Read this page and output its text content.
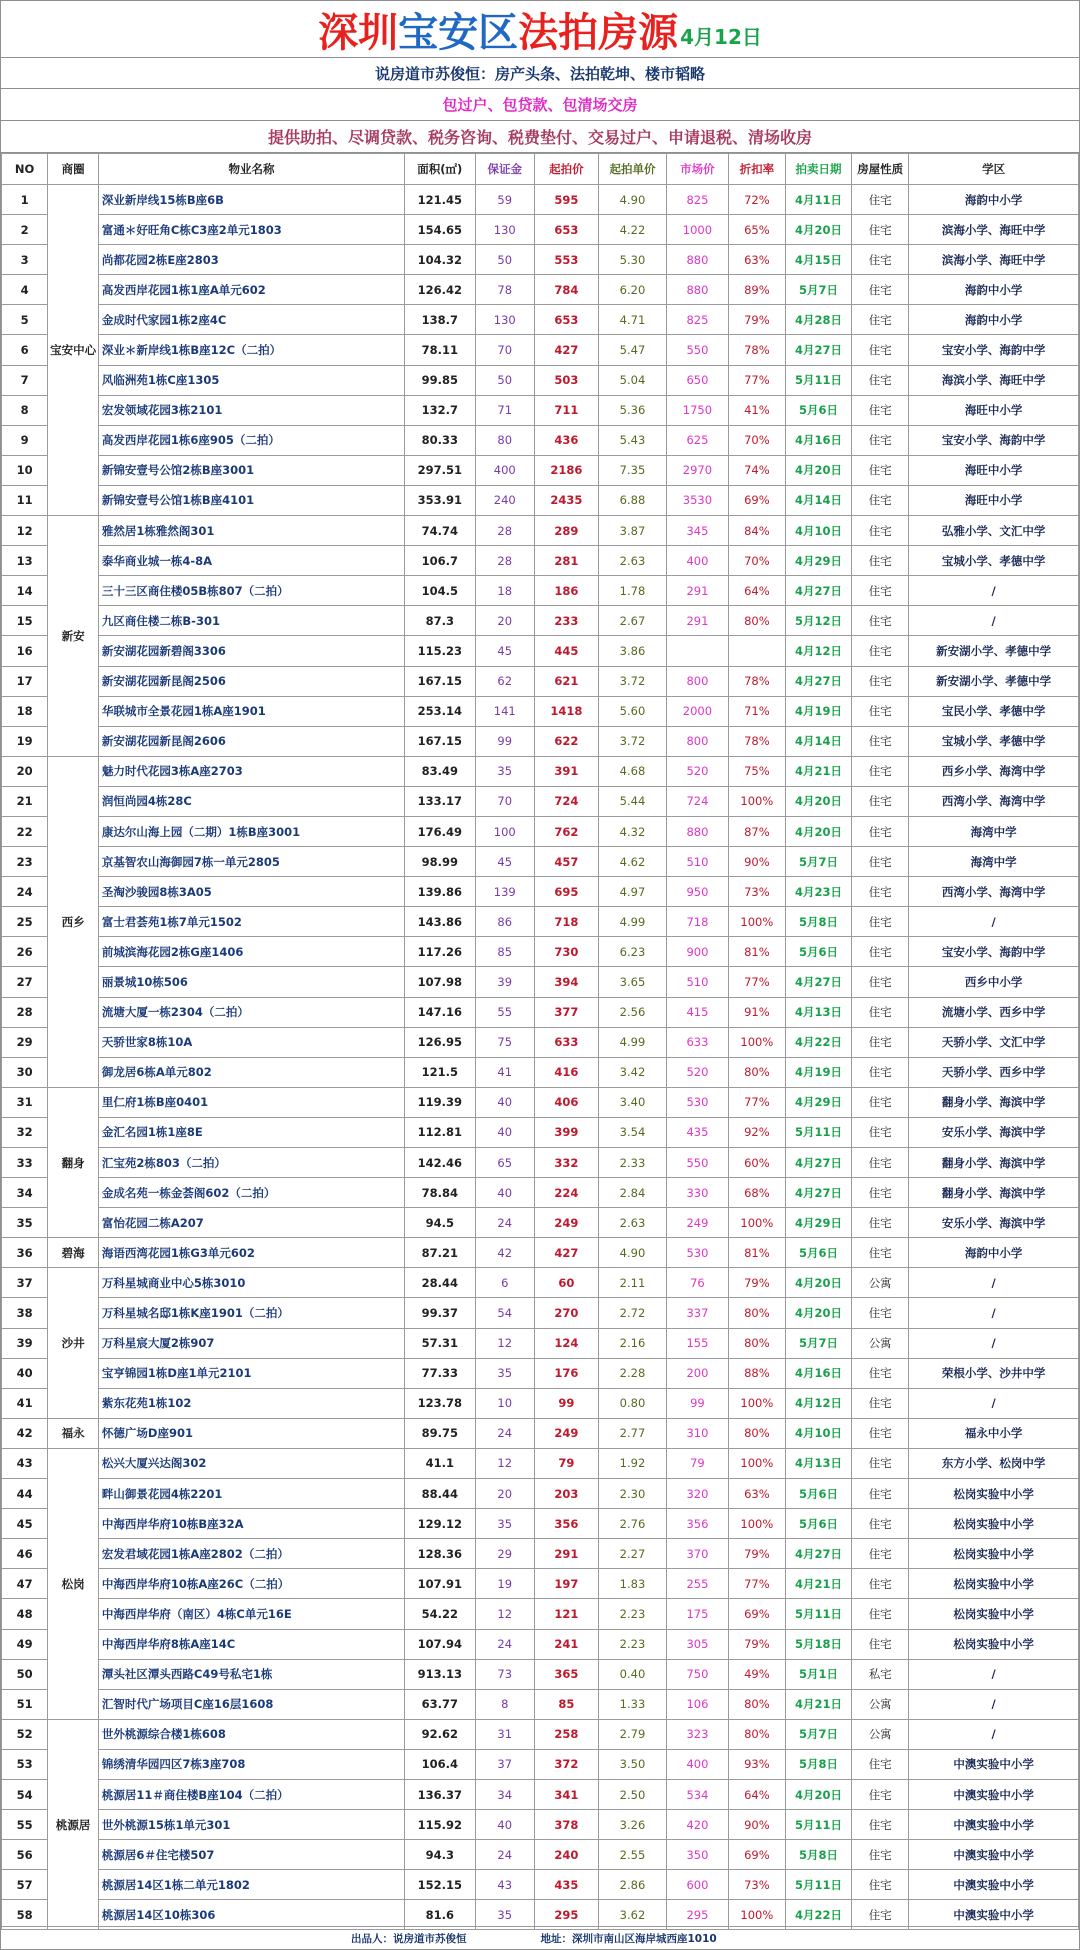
深圳 宝安区 法拍房源 4月12日
说房道市苏俊恒：房产头条、法拍乾坤、楼市韬略
包过户、包贷款、包清场交房
提供助拍、尽调贷款、税务咨询、税费垫付、交易过户、申请退税、清场收房
NO	商圈	物业名称	面积(㎡)	保证金	起拍价	起拍单价	市场价	折扣率	拍卖日期	房屋性质	学区
1	宝安中心	深业新岸线15栋B座6B	121.45	59	595	4.90	825	72%	4月11日	住宅	海韵中小学
2		富通＊好旺角C栋C3座2单元1803	154.65	130	653	4.22	1000	65%	4月20日	住宅	滨海小学、海旺中学
3		尚都花园2栋E座2803	104.32	50	553	5.30	880	63%	4月15日	住宅	滨海小学、海旺中学
4		高发西岸花园1栋1座A单元602	126.42	78	784	6.20	880	89%	5月7日	住宅	海韵中小学
5		金成时代家园1栋2座4C	138.7	130	653	4.71	825	79%	4月28日	住宅	海韵中小学
6		深业＊新岸线1栋B座12C（二拍）	78.11	70	427	5.47	550	78%	4月27日	住宅	宝安小学、海韵中学
7		风临洲苑1栋C座1305	99.85	50	503	5.04	650	77%	5月11日	住宅	海滨小学、海旺中学
8		宏发领域花园3栋2101	132.7	71	711	5.36	1750	41%	5月6日	住宅	海旺中小学
9		高发西岸花园1栋6座905（二拍）	80.33	80	436	5.43	625	70%	4月16日	住宅	宝安小学、海韵中学
10		新锦安壹号公馆2栋B座3001	297.51	400	2186	7.35	2970	74%	4月20日	住宅	海旺中小学
11		新锦安壹号公馆1栋B座4101	353.91	240	2435	6.88	3530	69%	4月14日	住宅	海旺中小学
12	新安	雅然居1栋雅然阁301	74.74	28	289	3.87	345	84%	4月10日	住宅	弘雅小学、文汇中学
13		泰华商业城一栋4-8A	106.7	28	281	2.63	400	70%	4月29日	住宅	宝城小学、孝德中学
14		三十三区商住楼05B栋807（二拍）	104.5	18	186	1.78	291	64%	4月27日	住宅	/
15		九区商住楼二栋B-301	87.3	20	233	2.67	291	80%	5月12日	住宅	/
16		新安湖花园新碧阁3306	115.23	45	445	3.86			4月12日	住宅	新安湖小学、孝德中学
17		新安湖花园新昆阁2506	167.15	62	621	3.72	800	78%	4月27日	住宅	新安湖小学、孝德中学
18		华联城市全景花园1栋A座1901	253.14	141	1418	5.60	2000	71%	4月19日	住宅	宝民小学、孝德中学
19		新安湖花园新昆阁2606	167.15	99	622	3.72	800	78%	4月14日	住宅	宝城小学、孝德中学
20	西乡	魅力时代花园3栋A座2703	83.49	35	391	4.68	520	75%	4月21日	住宅	西乡小学、海湾中学
21		润恒尚园4栋28C	133.17	70	724	5.44	724	100%	4月20日	住宅	西湾小学、海湾中学
22		康达尔山海上园（二期）1栋B座3001	176.49	100	762	4.32	880	87%	4月20日	住宅	海湾中学
23		京基智农山海御园7栋一单元2805	98.99	45	457	4.62	510	90%	5月7日	住宅	海湾中学
24		圣淘沙骏园8栋3A05	139.86	139	695	4.97	950	73%	4月23日	住宅	西湾小学、海湾中学
25		富士君荟苑1栋7单元1502	143.86	86	718	4.99	718	100%	5月8日	住宅	/
26		前城滨海花园2栋G座1406	117.26	85	730	6.23	900	81%	5月6日	住宅	宝安小学、海韵中学
27		丽景城10栋506	107.98	39	394	3.65	510	77%	4月27日	住宅	西乡中小学
28		流塘大厦一栋2304（二拍）	147.16	55	377	2.56	415	91%	4月13日	住宅	流塘小学、西乡中学
29		天骄世家8栋10A	126.95	75	633	4.99	633	100%	4月22日	住宅	天骄小学、文汇中学
30		御龙居6栋A单元802	121.5	41	416	3.42	520	80%	4月19日	住宅	天骄小学、西乡中学
31	翻身	里仁府1栋B座0401	119.39	40	406	3.40	530	77%	4月29日	住宅	翻身小学、海滨中学
32		金汇名园1栋1座8E	112.81	40	399	3.54	435	92%	5月11日	住宅	安乐小学、海滨中学
33		汇宝苑2栋803（二拍）	142.46	65	332	2.33	550	60%	4月27日	住宅	翻身小学、海滨中学
34		金成名苑一栋金荟阁602（二拍）	78.84	40	224	2.84	330	68%	4月27日	住宅	翻身小学、海滨中学
35		富怡花园二栋A207	94.5	24	249	2.63	249	100%	4月29日	住宅	安乐小学、海滨中学
36	碧海	海语西湾花园1栋G3单元602	87.21	42	427	4.90	530	81%	5月6日	住宅	海韵中小学
37	沙井	万科星城商业中心5栋3010	28.44	6	60	2.11	76	79%	4月20日	公寓	/
38		万科星城名邸1栋K座1901（二拍）	99.37	54	270	2.72	337	80%	4月20日	住宅	/
39		万科星宸大厦2栋907	57.31	12	124	2.16	155	80%	5月7日	公寓	/
40		宝亨锦园1栋D座1单元2101	77.33	35	176	2.28	200	88%	4月16日	住宅	荣根小学、沙井中学
41		紫东花苑1栋102	123.78	10	99	0.80	99	100%	4月12日	住宅	/
42	福永	怀德广场D座901	89.75	24	249	2.77	310	80%	4月10日	住宅	福永中小学
43	松岗	松兴大厦兴达阁302	41.1	12	79	1.92	79	100%	4月13日	住宅	东方小学、松岗中学
44		畔山御景花园4栋2201	88.44	20	203	2.30	320	63%	5月6日	住宅	松岗实验中小学
45		中海西岸华府10栋B座32A	129.12	35	356	2.76	356	100%	5月6日	住宅	松岗实验中小学
46		宏发君域花园1栋A座2802（二拍）	128.36	29	291	2.27	370	79%	4月27日	住宅	松岗实验中小学
47		中海西岸华府10栋A座26C（二拍）	107.91	19	197	1.83	255	77%	4月21日	住宅	松岗实验中小学
48		中海西岸华府（南区）4栋C单元16E	54.22	12	121	2.23	175	69%	5月11日	住宅	松岗实验中小学
49		中海西岸华府8栋A座14C	107.94	24	241	2.23	305	79%	5月18日	住宅	松岗实验中小学
50		潭头社区潭头西路C49号私宅1栋	913.13	73	365	0.40	750	49%	5月1日	私宅	/
51		汇智时代广场项目C座16层1608	63.77	8	85	1.33	106	80%	4月21日	公寓	/
52	桃源居	世外桃源综合楼1栋608	92.62	31	258	2.79	323	80%	5月7日	公寓	/
53		锦绣清华园四区7栋3座708	106.4	37	372	3.50	400	93%	5月8日	住宅	中澳实验中小学
54		桃源居11＃商住楼B座104（二拍）	136.37	34	341	2.50	534	64%	4月20日	住宅	中澳实验中小学
55		世外桃源15栋1单元301	115.92	40	378	3.26	420	90%	5月11日	住宅	中澳实验中小学
56		桃源居6＃住宅楼507	94.3	24	240	2.55	350	69%	5月8日	住宅	中澳实验中小学
57		桃源居14区1栋二单元1802	152.15	43	435	2.86	600	73%	5月11日	住宅	中澳实验中小学
58		桃源居14区10栋306	81.6	35	295	3.62	295	100%	4月22日	住宅	中澳实验中小学
出品人：说房道市苏俊恒	地址：深圳市南山区海岸城西座1010
